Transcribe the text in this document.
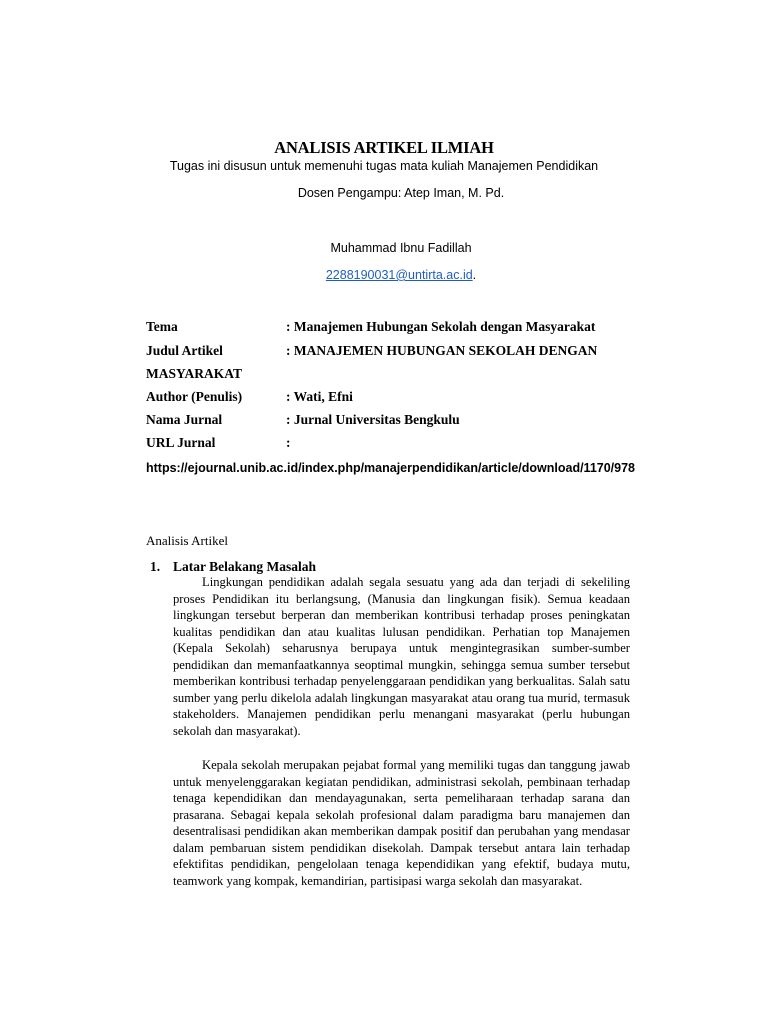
ANALISIS ARTIKEL ILMIAH
Tugas ini disusun untuk memenuhi tugas mata kuliah Manajemen Pendidikan
Dosen Pengampu: Atep Iman, M. Pd.
Muhammad Ibnu Fadillah
2288190031@untirta.ac.id.
Tema	: Manajemen Hubungan Sekolah dengan Masyarakat
Judul Artikel	: MANAJEMEN HUBUNGAN SEKOLAH DENGAN
MASYARAKAT
Author (Penulis)	: Wati, Efni
Nama Jurnal	: Jurnal Universitas Bengkulu
URL Jurnal	:
https://ejournal.unib.ac.id/index.php/manajerpendidikan/article/download/1170/978
Analisis Artikel
1. Latar Belakang Masalah

Lingkungan pendidikan adalah segala sesuatu yang ada dan terjadi di sekeliling proses Pendidikan itu berlangsung, (Manusia dan lingkungan fisik). Semua keadaan lingkungan tersebut berperan dan memberikan kontribusi terhadap proses peningkatan kualitas pendidikan dan atau kualitas lulusan pendidikan. Perhatian top Manajemen (Kepala Sekolah) seharusnya berupaya untuk mengintegrasikan sumber-sumber pendidikan dan memanfaatkannya seoptimal mungkin, sehingga semua sumber tersebut memberikan kontribusi terhadap penyelenggaraan pendidikan yang berkualitas. Salah satu sumber yang perlu dikelola adalah lingkungan masyarakat atau orang tua murid, termasuk stakeholders. Manajemen pendidikan perlu menangani masyarakat (perlu hubungan sekolah dan masyarakat).

Kepala sekolah merupakan pejabat formal yang memiliki tugas dan tanggung jawab untuk menyelenggarakan kegiatan pendidikan, administrasi sekolah, pembinaan terhadap tenaga kependidikan dan mendayagunakan, serta pemeliharaan terhadap sarana dan prasarana. Sebagai kepala sekolah profesional dalam paradigma baru manajemen dan desentralisasi pendidikan akan memberikan dampak positif dan perubahan yang mendasar dalam pembaruan sistem pendidikan disekolah. Dampak tersebut antara lain terhadap efektifitas pendidikan, pengelolaan tenaga kependidikan yang efektif, budaya mutu, teamwork yang kompak, kemandirian, partisipasi warga sekolah dan masyarakat.
